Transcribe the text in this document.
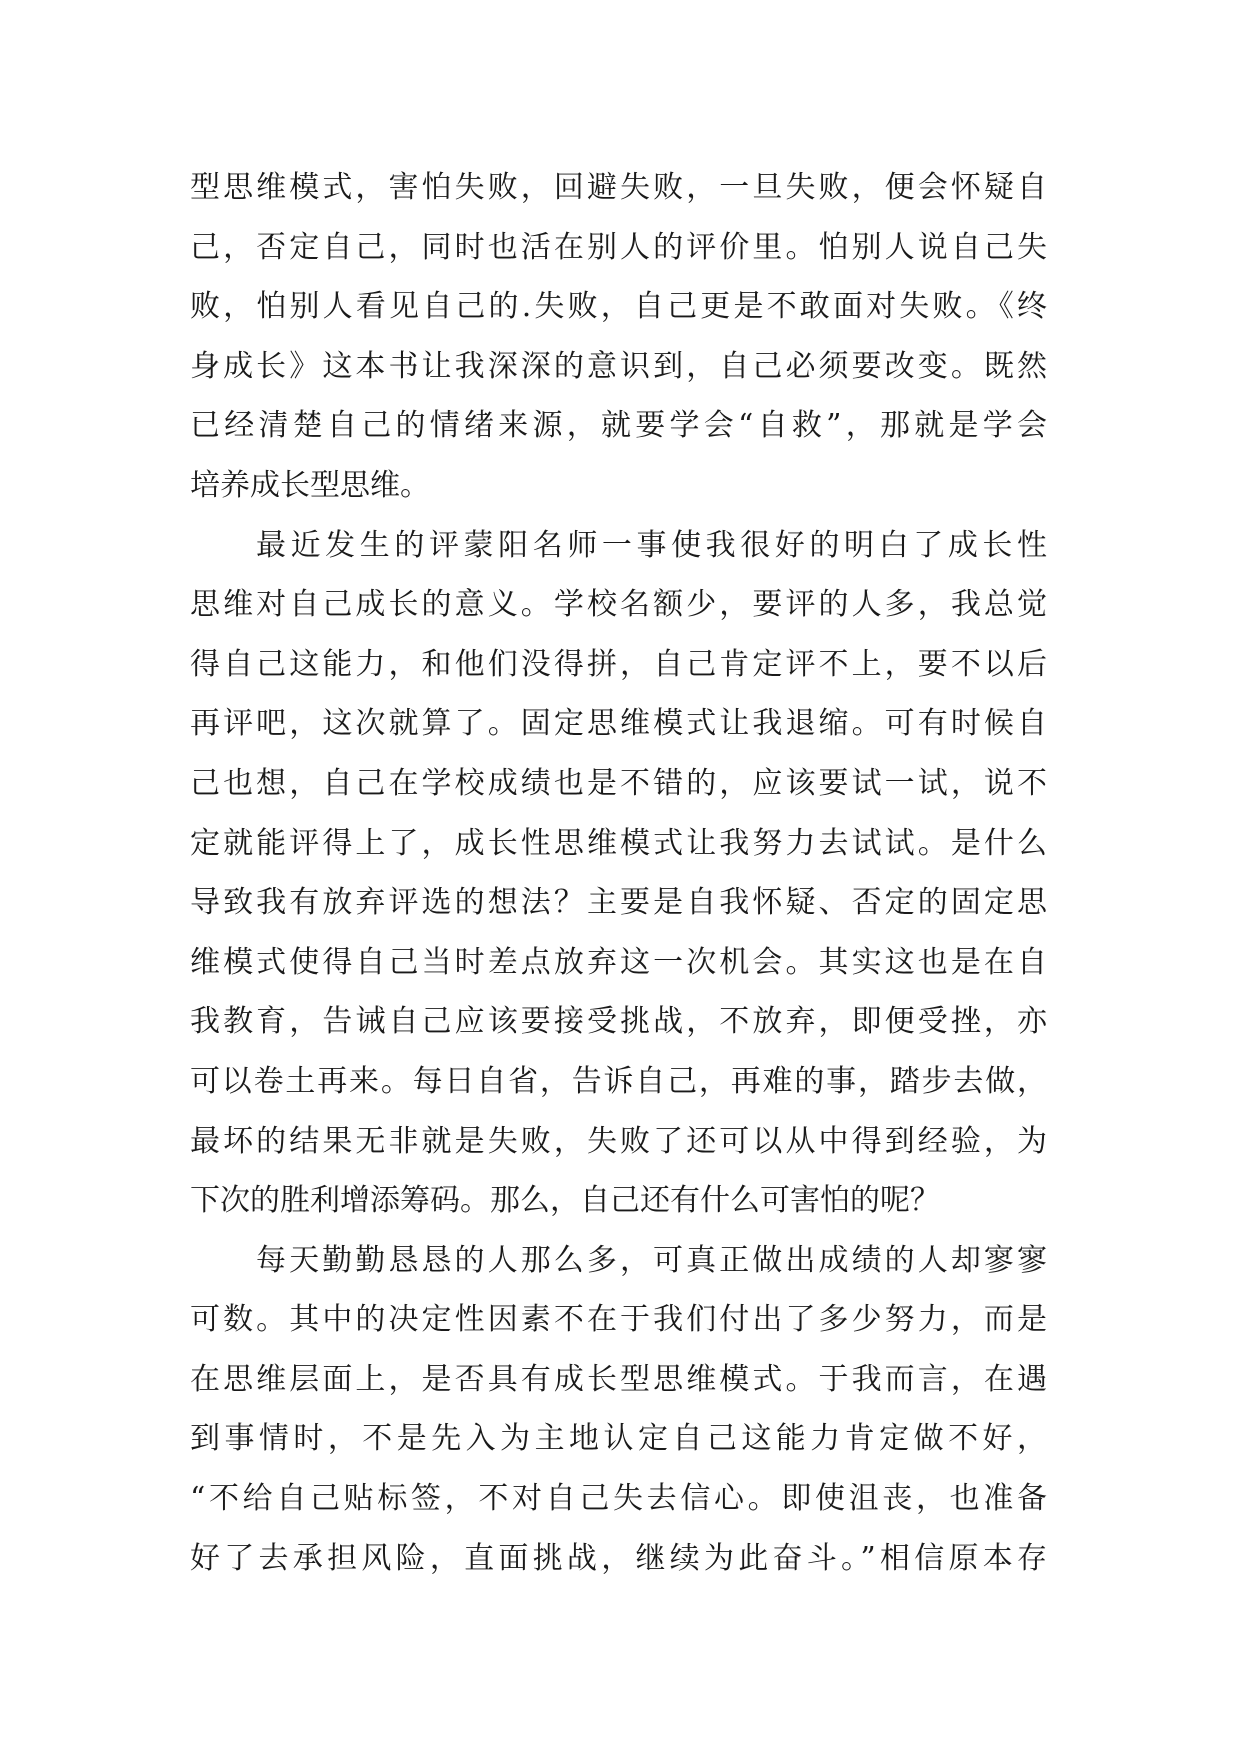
型思维模式，害怕失败，回避失败，一旦失败，便会怀疑自
己，否定自己，同时也活在别人的评价里。怕别人说自己失
败，怕别人看见自己的.失败，自己更是不敢面对失败。《终
身成长》这本书让我深深的意识到，自己必须要改变。既然
已经清楚自己的情绪来源，就要学会“自救”，那就是学会
培养成长型思维。
最近发生的评蒙阳名师一事使我很好的明白了成长性
思维对自己成长的意义。学校名额少，要评的人多，我总觉
得自己这能力，和他们没得拼，自己肯定评不上，要不以后
再评吧，这次就算了。固定思维模式让我退缩。可有时候自
己也想，自己在学校成绩也是不错的，应该要试一试，说不
定就能评得上了，成长性思维模式让我努力去试试。是什么
导致我有放弃评选的想法？主要是自我怀疑、否定的固定思
维模式使得自己当时差点放弃这一次机会。其实这也是在自
我教育，告诫自己应该要接受挑战，不放弃，即便受挫，亦
可以卷土再来。每日自省，告诉自己，再难的事，踏步去做，
最坏的结果无非就是失败，失败了还可以从中得到经验，为
下次的胜利增添筹码。那么，自己还有什么可害怕的呢？
每天勤勤恳恳的人那么多，可真正做出成绩的人却寥寥
可数。其中的决定性因素不在于我们付出了多少努力，而是
在思维层面上，是否具有成长型思维模式。于我而言，在遇
到事情时，不是先入为主地认定自己这能力肯定做不好，
“不给自己贴标签，不对自己失去信心。即使沮丧，也准备
好了去承担风险，直面挑战，继续为此奋斗。”相信原本存
